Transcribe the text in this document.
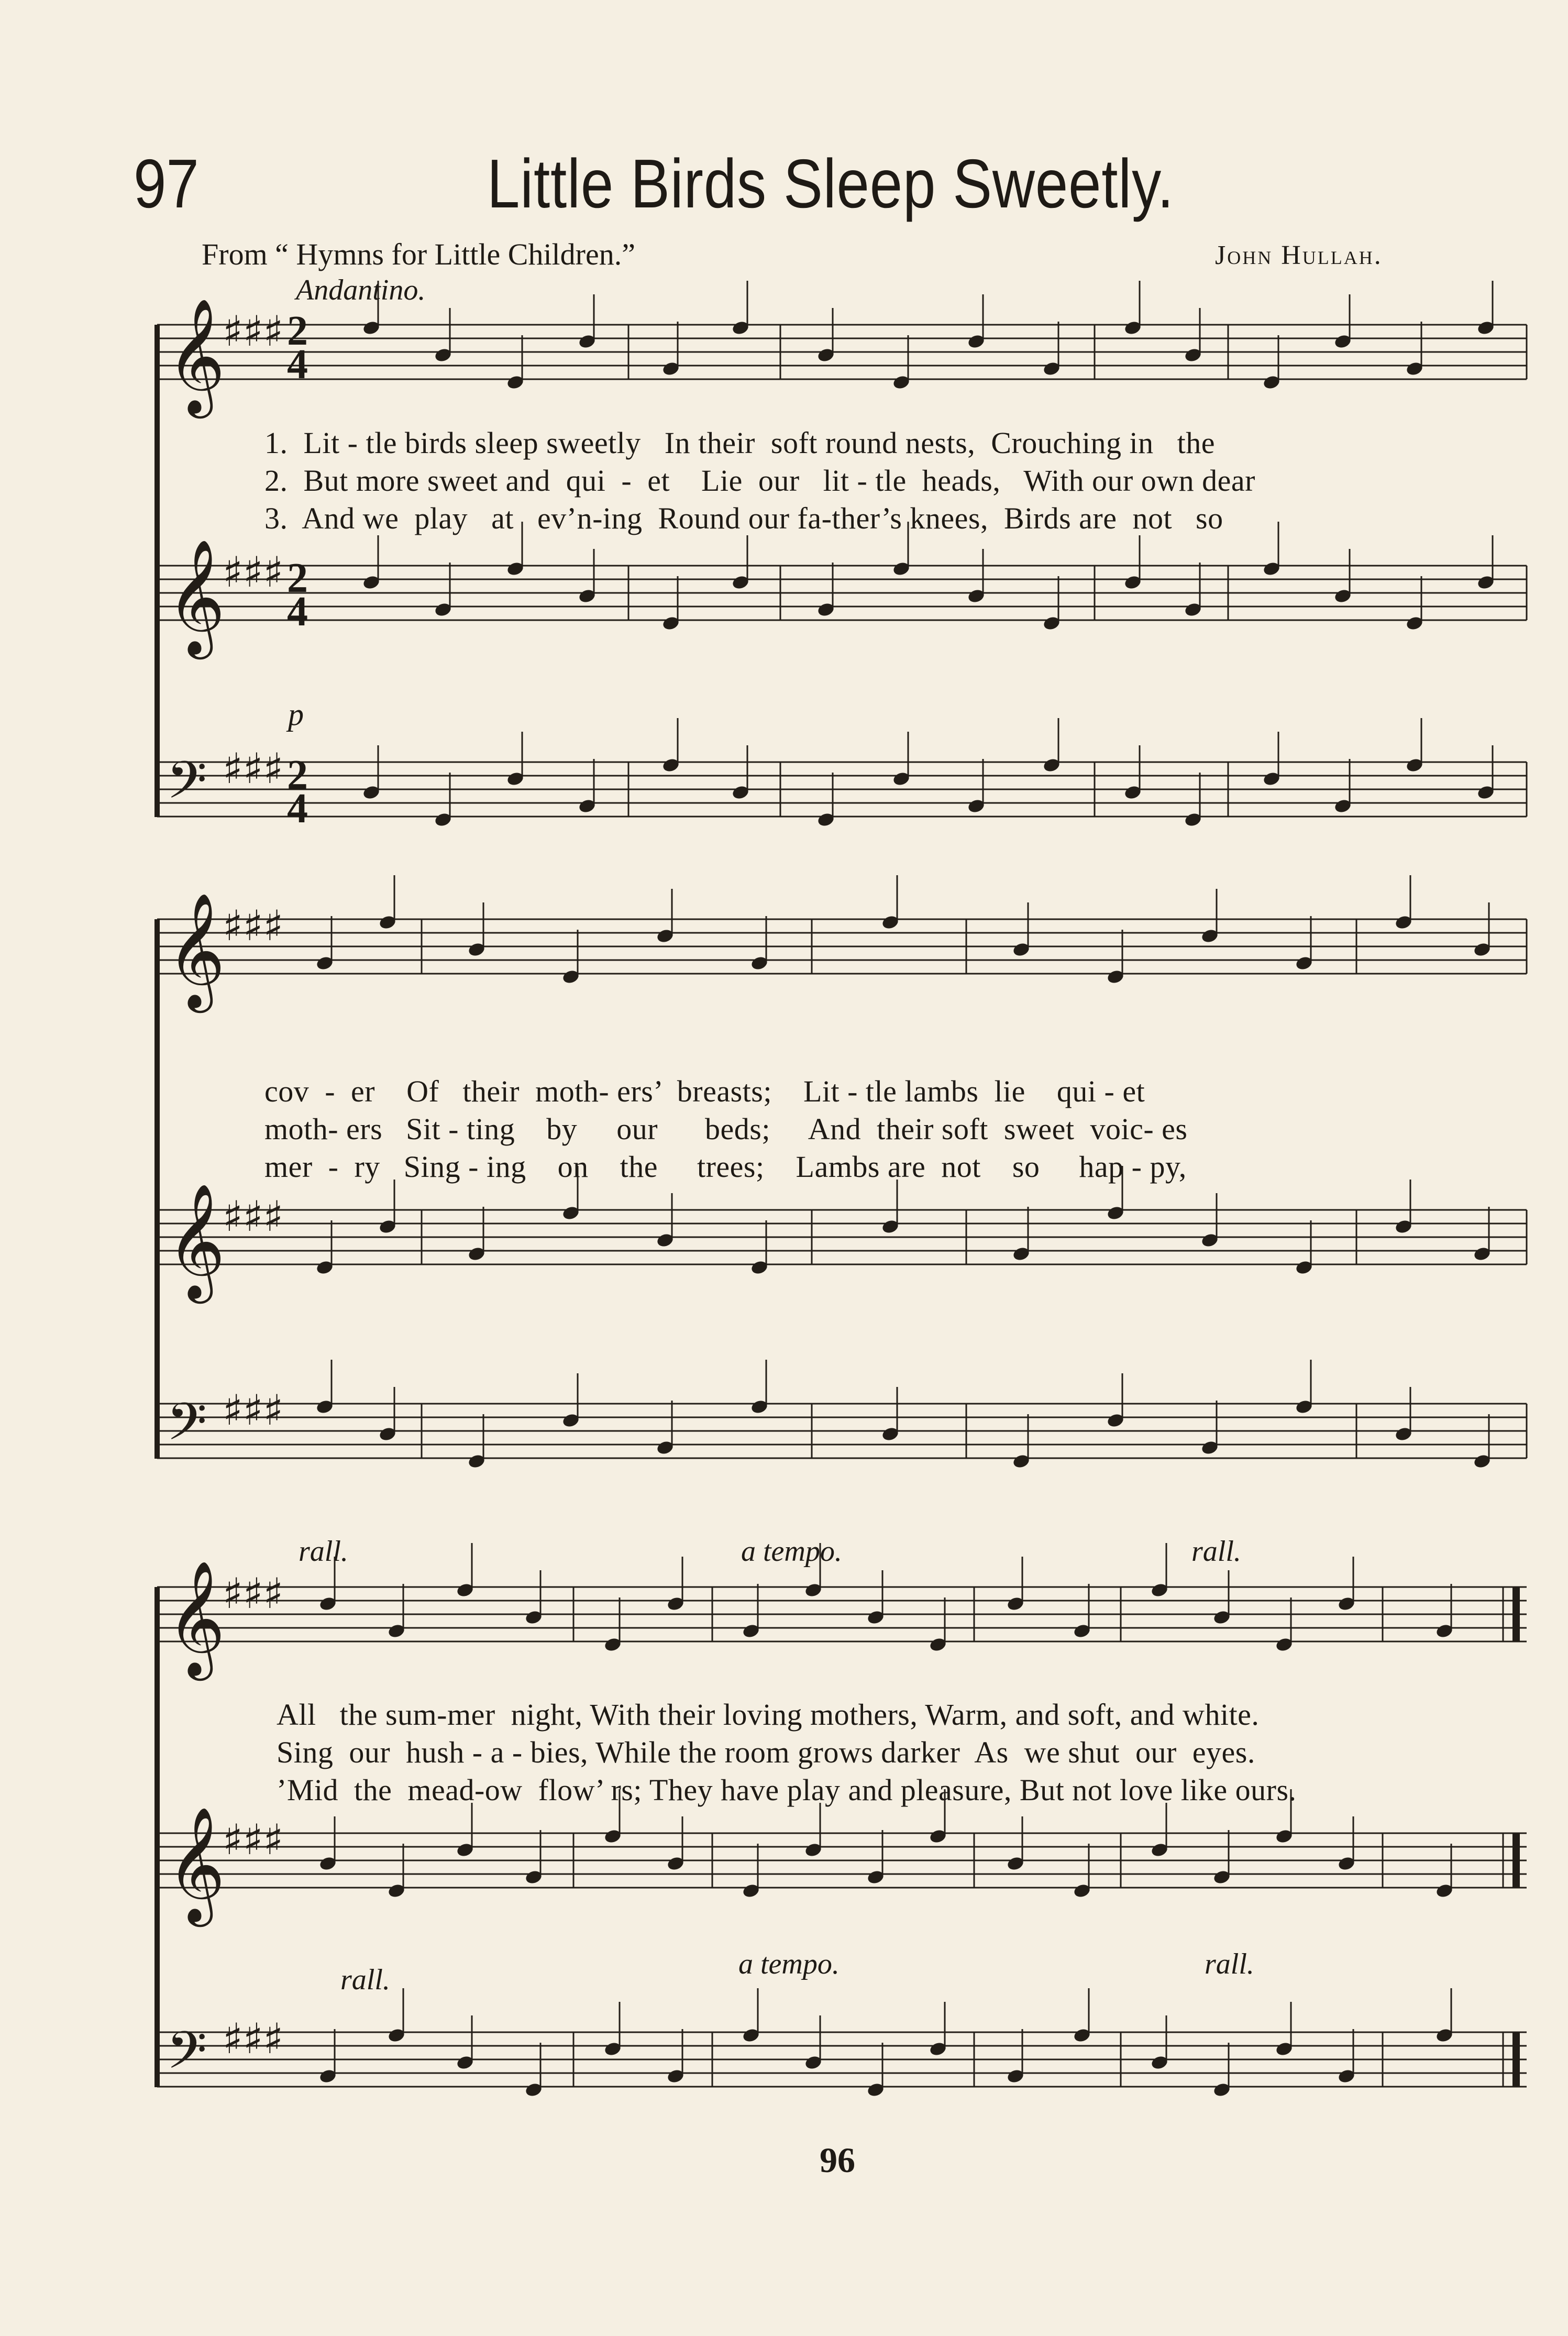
97	Little Birds Sleep Sweetly.
From “ Hymns for Little Children.”	John Hullah.
Andantino.
𝄞
♯♯♯
𝄞
♯♯♯
𝄢 ♯♯♯
𝄞
♯♯♯
𝄞
♯♯♯
𝄢 ♯♯♯
𝄞
♯♯♯
𝄞
♯♯♯
𝄢 ♯♯♯
2
4
2
4
2
4
p
1.  Lit - tle birds sleep sweetly   In their  soft round nests,  Crouching in   the
2.  But more sweet and  qui  -  et    Lie  our   lit - tle  heads,   With our own dear
3.  And we  play   at   ev’n-ing  Round our fa-ther’s knees,  Birds are  not   so
cov  -  er    Of   their  moth- ers’  breasts;    Lit - tle lambs  lie    qui - et
moth- ers   Sit - ting    by     our      beds;     And  their soft  sweet  voic- es
mer  -  ry   Sing - ing    on    the     trees;    Lambs are  not    so     hap - py,
rall.	a tempo.	rall.
All   the sum-mer  night, With their loving mothers, Warm, and soft, and white.
Sing  our  hush - a - bies, While the room grows darker  As  we shut  our  eyes.
’Mid  the  mead-ow  flow’ rs; They have play and pleasure, But not love like ours.
rall.	a tempo.	rall.
96
